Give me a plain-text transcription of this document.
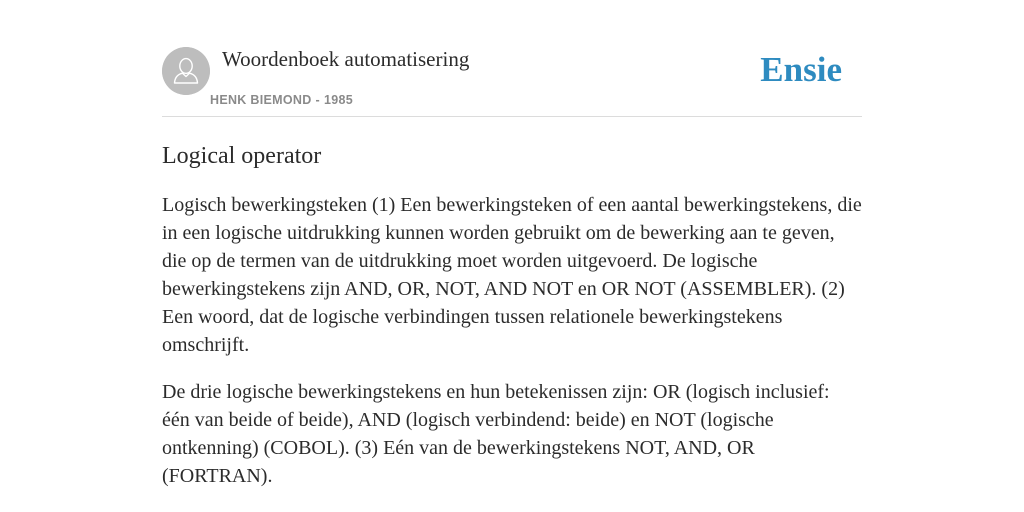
Woordenboek automatisering
HENK BIEMOND - 1985
Ensie
Logical operator

Logisch bewerkingsteken (1) Een bewerkingsteken of een aantal bewerkingstekens, die in een logische uitdrukking kunnen worden gebruikt om de bewerking aan te geven, die op de termen van de uitdrukking moet worden uitgevoerd. De logische bewerkingstekens zijn AND, OR, NOT, AND NOT en OR NOT (ASSEMBLER). (2) Een woord, dat de logische verbindingen tussen relationele bewerkingstekens omschrijft.

De drie logische bewerkingstekens en hun betekenissen zijn: OR (logisch inclusief: één van beide of beide), AND (logisch verbindend: beide) en NOT (logische ontkenning) (COBOL). (3) Eén van de bewerkingstekens NOT, AND, OR (FORTRAN).
